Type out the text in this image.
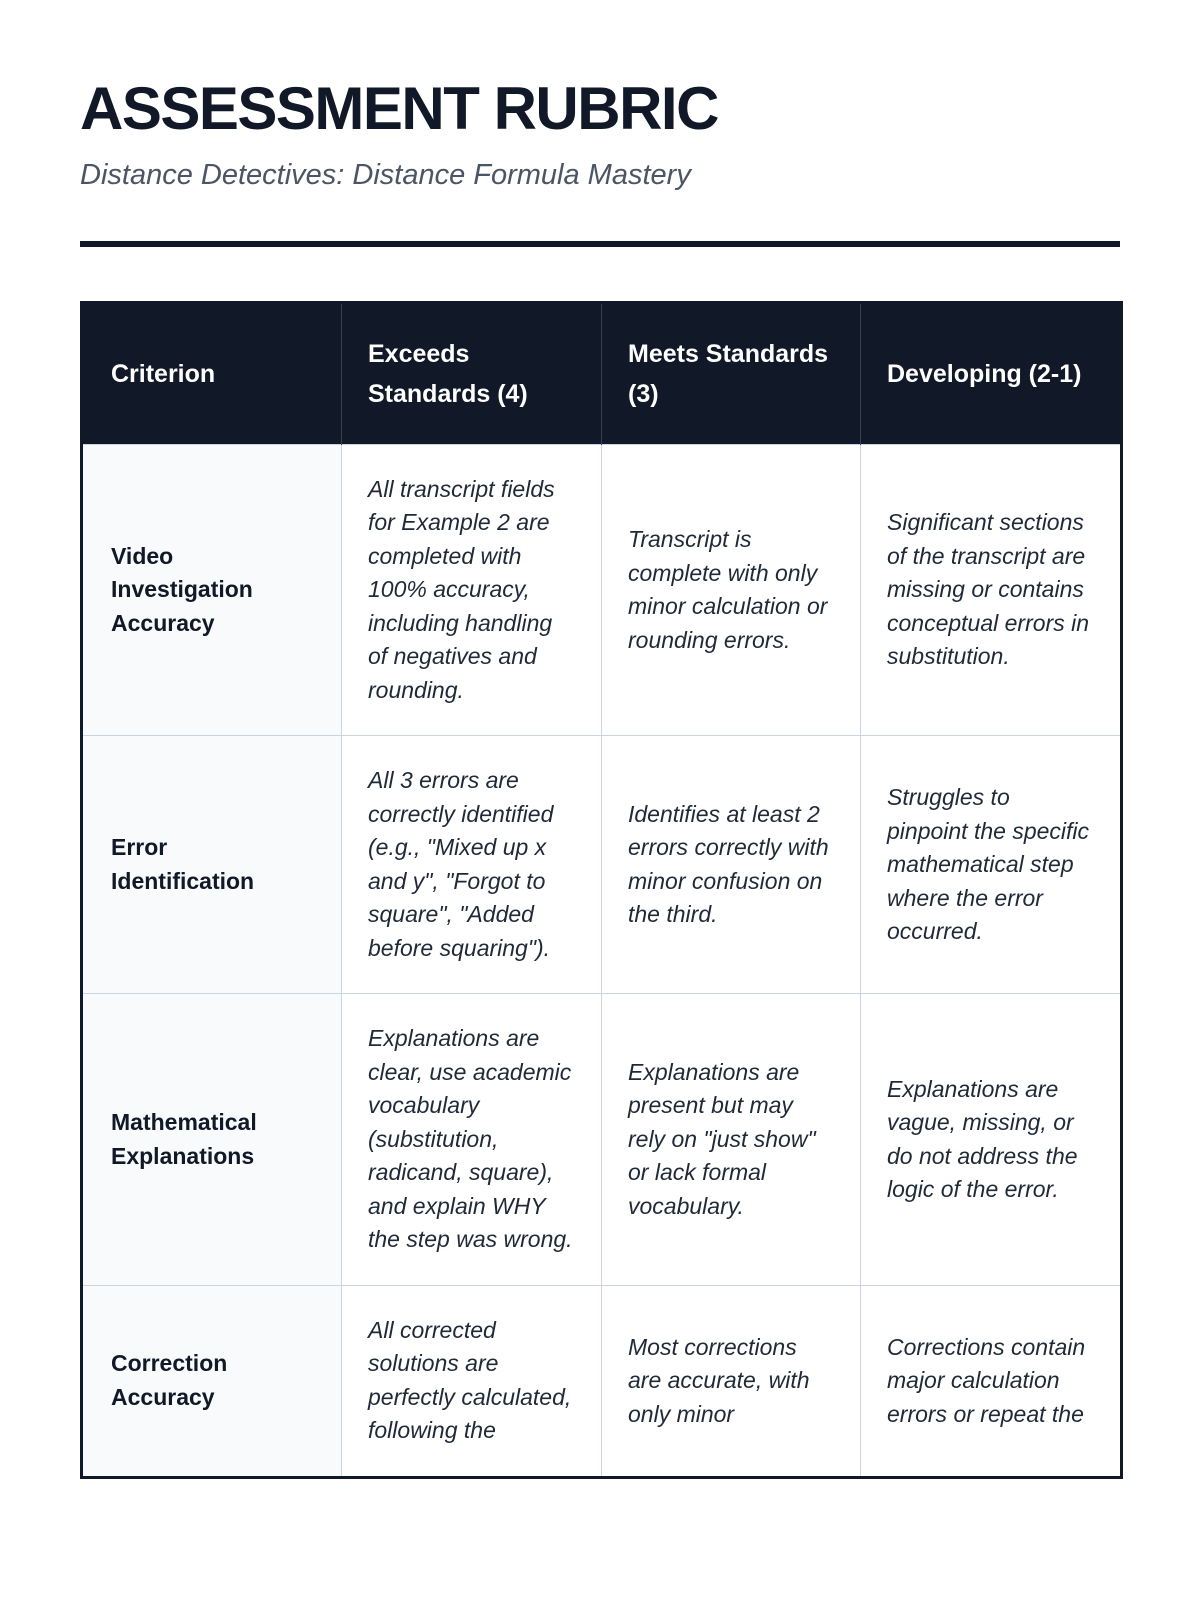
ASSESSMENT RUBRIC

Distance Detectives: Distance Formula Mastery

Criterion	Exceeds Standards (4)	Meets Standards (3)	Developing (2-1)
Video Investigation Accuracy	All transcript fields for Example 2 are completed with 100% accuracy, including handling of negatives and rounding.	Transcript is complete with only minor calculation or rounding errors.	Significant sections of the transcript are missing or contains conceptual errors in substitution.
Error Identification	All 3 errors are correctly identified (e.g., "Mixed up x and y", "Forgot to square", "Added before squaring").	Identifies at least 2 errors correctly with minor confusion on the third.	Struggles to pinpoint the specific mathematical step where the error occurred.
Mathematical Explanations	Explanations are clear, use academic vocabulary (substitution, radicand, square), and explain WHY the step was wrong.	Explanations are present but may rely on "just show" or lack formal vocabulary.	Explanations are vague, missing, or do not address the logic of the error.
Correction Accuracy	All corrected solutions are perfectly calculated, following the	Most corrections are accurate, with only minor	Corrections contain major calculation errors or repeat the
